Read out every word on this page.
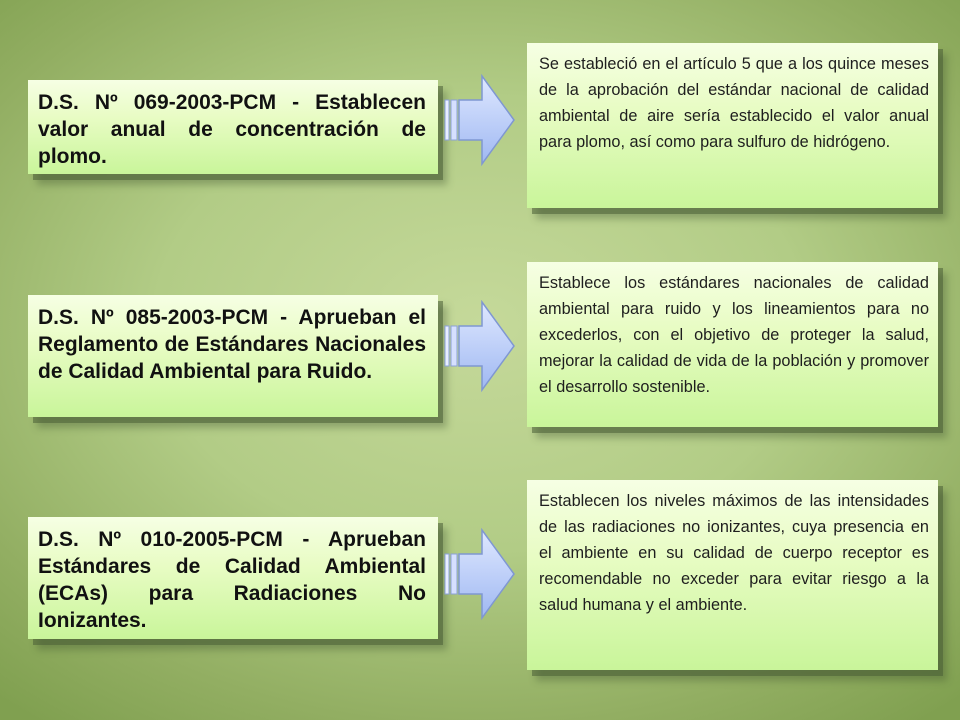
D.S. Nº 069-2003-PCM - Establecen valor anual de concentración de plomo.
Se estableció en el artículo 5 que a los quince meses de la aprobación del estándar nacional de calidad ambiental de aire sería establecido el valor anual para plomo, así como para sulfuro de hidrógeno.
D.S. Nº 085-2003-PCM - Aprueban el Reglamento de Estándares Nacionales de Calidad Ambiental para Ruido.
Establece los estándares nacionales de calidad ambiental para ruido y los lineamientos para no excederlos, con el objetivo de proteger la salud, mejorar la calidad de vida de la población y promover el desarrollo sostenible.
D.S. Nº 010-2005-PCM - Aprueban Estándares de Calidad Ambiental (ECAs) para Radiaciones No Ionizantes.
Establecen los niveles máximos de las intensidades de las radiaciones no ionizantes, cuya presencia en el ambiente en su calidad de cuerpo receptor es recomendable no exceder para evitar riesgo a la salud humana y el ambiente.
